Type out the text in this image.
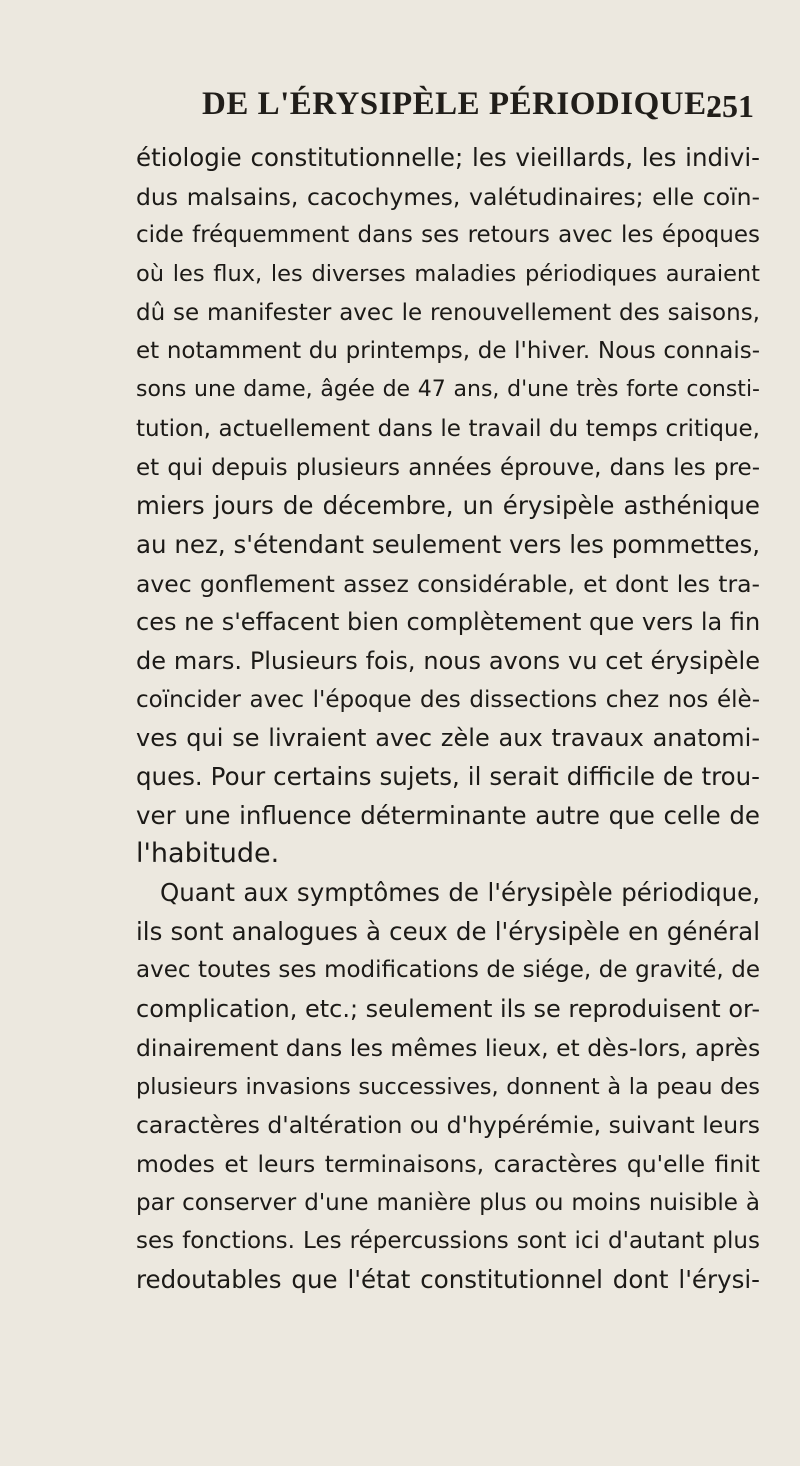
DE L'ÉRYSIPÈLE PÉRIODIQUE.
251
étiologie constitutionnelle; les vieillards, les indivi-
dus malsains, cacochymes, valétudinaires; elle coïn-
cide fréquemment dans ses retours avec les époques
où les flux, les diverses maladies périodiques auraient
dû se manifester avec le renouvellement des saisons,
et notamment du printemps, de l'hiver. Nous connais-
sons une dame, âgée de 47 ans, d'une très forte consti-
tution, actuellement dans le travail du temps critique,
et qui depuis plusieurs années éprouve, dans les pre-
miers jours de décembre, un érysipèle asthénique
au nez, s'étendant seulement vers les pommettes,
avec gonflement assez considérable, et dont les tra-
ces ne s'effacent bien complètement que vers la fin
de mars. Plusieurs fois, nous avons vu cet érysipèle
coïncider avec l'époque des dissections chez nos élè-
ves qui se livraient avec zèle aux travaux anatomi-
ques. Pour certains sujets, il serait difficile de trou-
ver une influence déterminante autre que celle de
l'habitude.
Quant aux symptômes de l'érysipèle périodique,
ils sont analogues à ceux de l'érysipèle en général
avec toutes ses modifications de siége, de gravité, de
complication, etc.; seulement ils se reproduisent or-
dinairement dans les mêmes lieux, et dès-lors, après
plusieurs invasions successives, donnent à la peau des
caractères d'altération ou d'hypérémie, suivant leurs
modes et leurs terminaisons, caractères qu'elle finit
par conserver d'une manière plus ou moins nuisible à
ses fonctions. Les répercussions sont ici d'autant plus
redoutables que l'état constitutionnel dont l'érysi-
